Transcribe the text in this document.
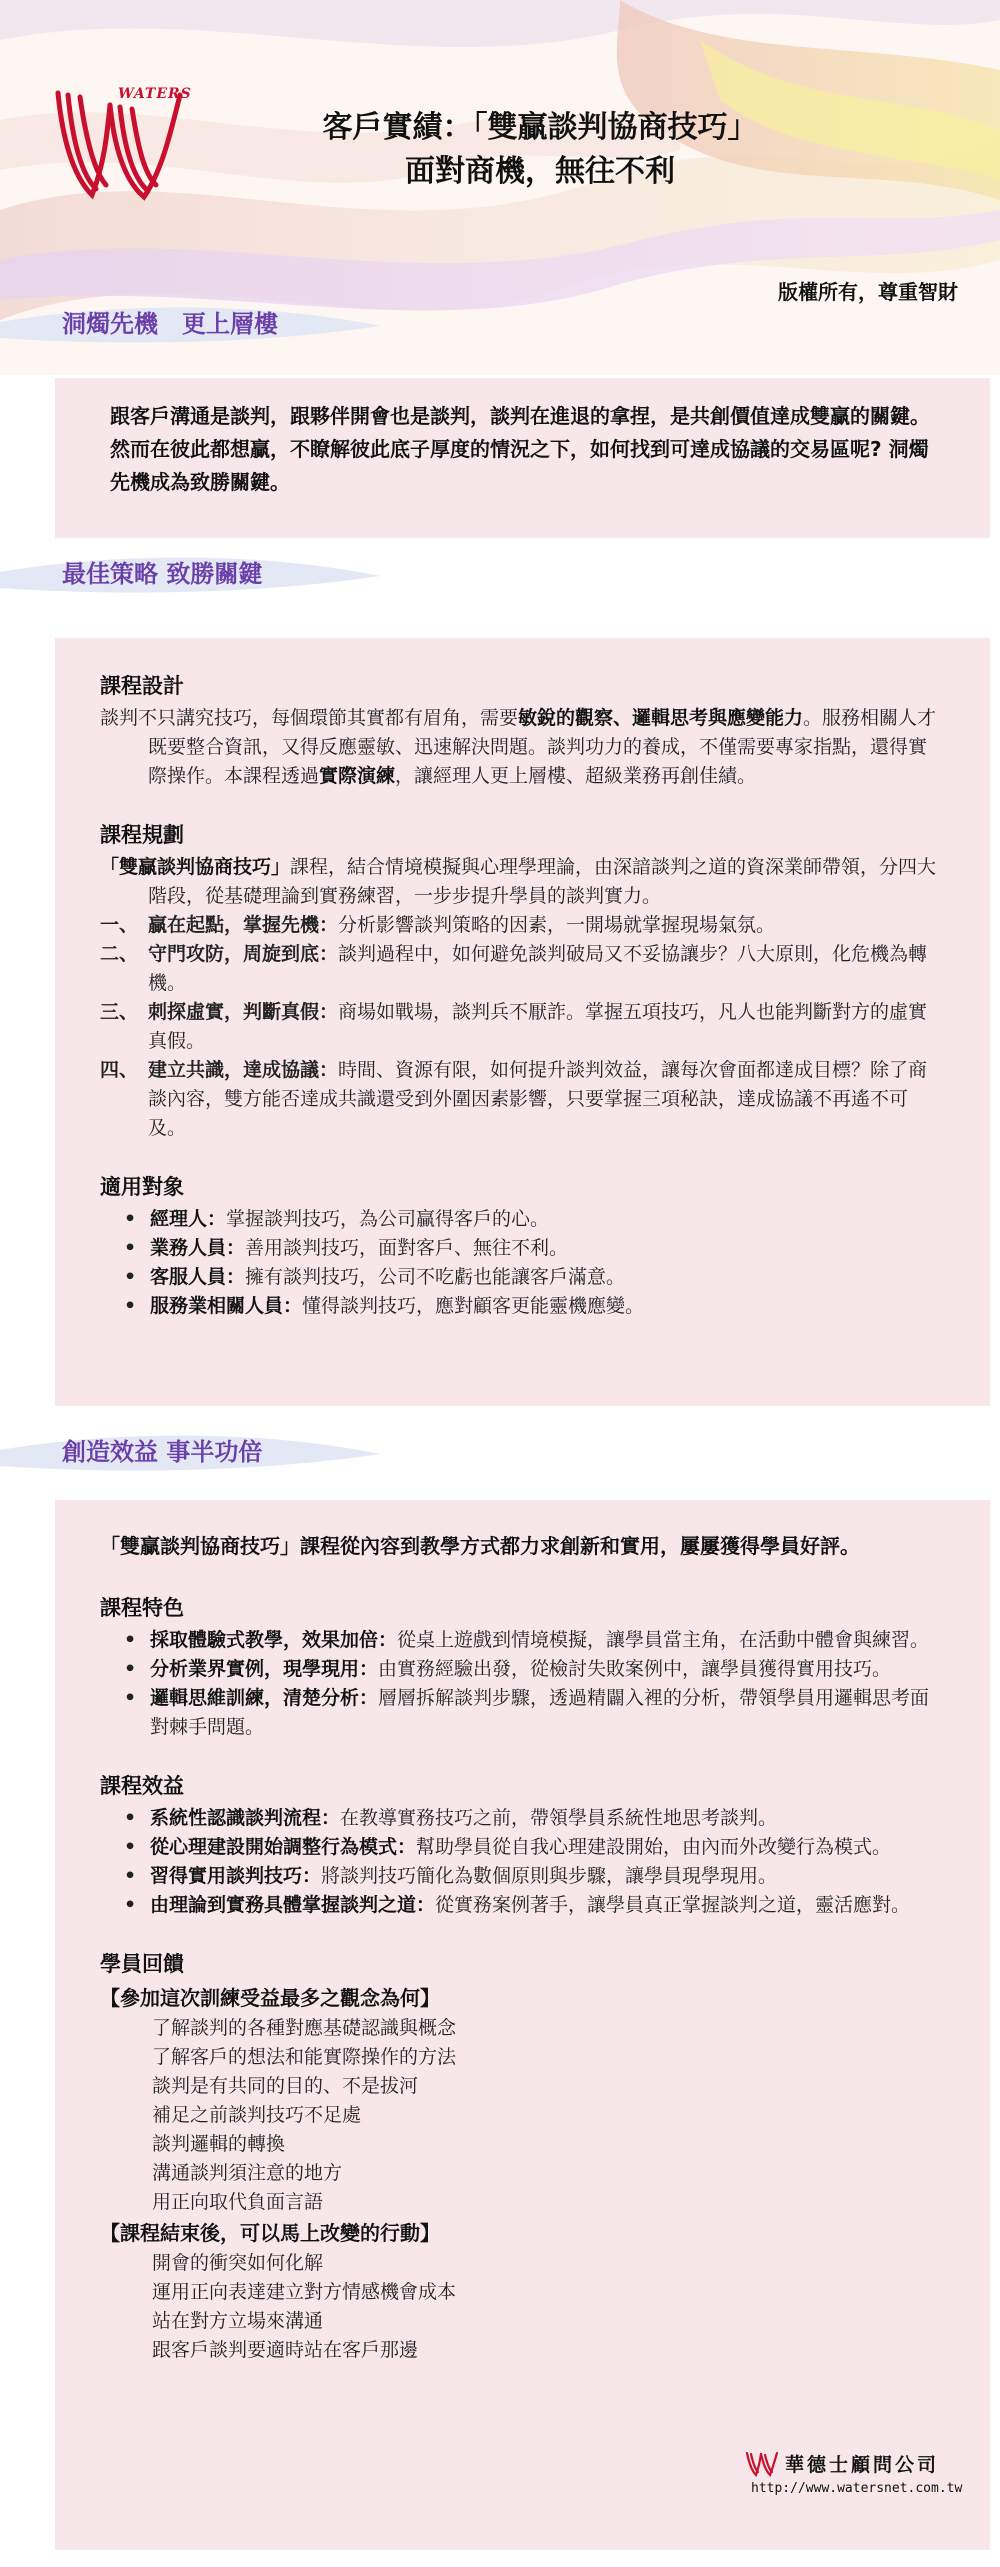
WATERS
客戶實績：「雙贏談判協商技巧」
面對商機，無往不利
版權所有，尊重智財
洞燭先機　更上層樓

跟客戶溝通是談判，跟夥伴開會也是談判，談判在進退的拿捏，是共創價值達成雙贏的關鍵。然而在彼此都想贏，不瞭解彼此底子厚度的情況之下，如何找到可達成協議的交易區呢? 洞燭先機成為致勝關鍵。

最佳策略 致勝關鍵
課程設計

談判不只講究技巧，每個環節其實都有眉角，需要敏銳的觀察、邏輯思考與應變能力。服務相關人才既要整合資訊，又得反應靈敏、迅速解決問題。談判功力的養成，不僅需要專家指點，還得實際操作。本課程透過實際演練，讓經理人更上層樓、超級業務再創佳績。

課程規劃

「雙贏談判協商技巧」課程，結合情境模擬與心理學理論，由深諳談判之道的資深業師帶領，分四大階段，從基礎理論到實務練習，一步步提升學員的談判實力。

一、 贏在起點，掌握先機：分析影響談判策略的因素，一開場就掌握現場氣氛。
二、 守門攻防，周旋到底：談判過程中，如何避免談判破局又不妥協讓步？八大原則，化危機為轉機。
三、 刺探虛實，判斷真假：商場如戰場，談判兵不厭詐。掌握五項技巧，凡人也能判斷對方的虛實真假。
四、 建立共識，達成協議：時間、資源有限，如何提升談判效益，讓每次會面都達成目標？除了商談內容，雙方能否達成共識還受到外圍因素影響，只要掌握三項秘訣，達成協議不再遙不可及。
適用對象
• 經理人：掌握談判技巧，為公司贏得客戶的心。
• 業務人員：善用談判技巧，面對客戶、無往不利。
• 客服人員：擁有談判技巧，公司不吃虧也能讓客戶滿意。
• 服務業相關人員：懂得談判技巧，應對顧客更能靈機應變。
創造效益 事半功倍

「雙贏談判協商技巧」課程從內容到教學方式都力求創新和實用，屢屢獲得學員好評。

課程特色
• 採取體驗式教學，效果加倍：從桌上遊戲到情境模擬，讓學員當主角，在活動中體會與練習。
• 分析業界實例，現學現用：由實務經驗出發，從檢討失敗案例中，讓學員獲得實用技巧。
• 邏輯思維訓練，清楚分析：層層拆解談判步驟，透過精闢入裡的分析，帶領學員用邏輯思考面對棘手問題。
課程效益
• 系統性認識談判流程：在教導實務技巧之前，帶領學員系統性地思考談判。
• 從心理建設開始調整行為模式：幫助學員從自我心理建設開始，由內而外改變行為模式。
• 習得實用談判技巧：將談判技巧簡化為數個原則與步驟，讓學員現學現用。
• 由理論到實務具體掌握談判之道：從實務案例著手，讓學員真正掌握談判之道，靈活應對。
學員回饋
【參加這次訓練受益最多之觀念為何】
了解談判的各種對應基礎認識與概念
了解客戶的想法和能實際操作的方法
談判是有共同的目的、不是拔河
補足之前談判技巧不足處
談判邏輯的轉換
溝通談判須注意的地方
用正向取代負面言語
【課程結束後，可以馬上改變的行動】
開會的衝突如何化解
運用正向表達建立對方情感機會成本
站在對方立場來溝通
跟客戶談判要適時站在客戶那邊
華德士顧問公司
http://www.watersnet.com.tw
